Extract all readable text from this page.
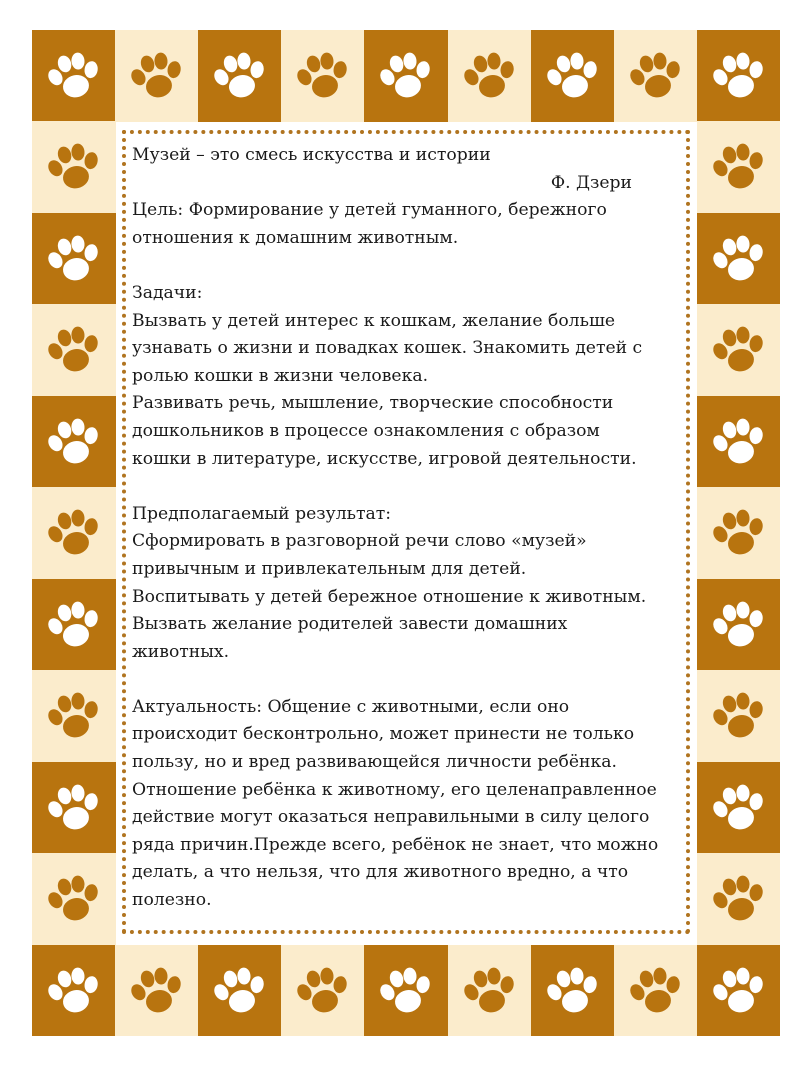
Музей – это смесь искусства и истории
Ф. Дзери
Цель: Формирование у детей гуманного, бережного
отношения к домашним животным.
Задачи:
Вызвать у детей интерес к кошкам, желание больше
узнавать о жизни и повадках кошек. Знакомить детей с
ролью кошки в жизни человека.
Развивать речь, мышление, творческие способности
дошкольников в процессе ознакомления с образом
кошки в литературе, искусстве, игровой деятельности.
Предполагаемый результат:
Сформировать в разговорной речи слово «музей»
привычным и привлекательным для детей.
Воспитывать у детей бережное отношение к животным.
Вызвать желание родителей завести домашних
животных.
Актуальность: Общение с животными, если оно
происходит бесконтрольно, может принести не только
пользу, но и вред развивающейся личности ребёнка.
Отношение ребёнка к животному, его целенаправленное
действие могут оказаться неправильными в силу целого
ряда причин.Прежде всего, ребёнок не знает, что можно
делать, а что нельзя, что для животного вредно, а что
полезно.
